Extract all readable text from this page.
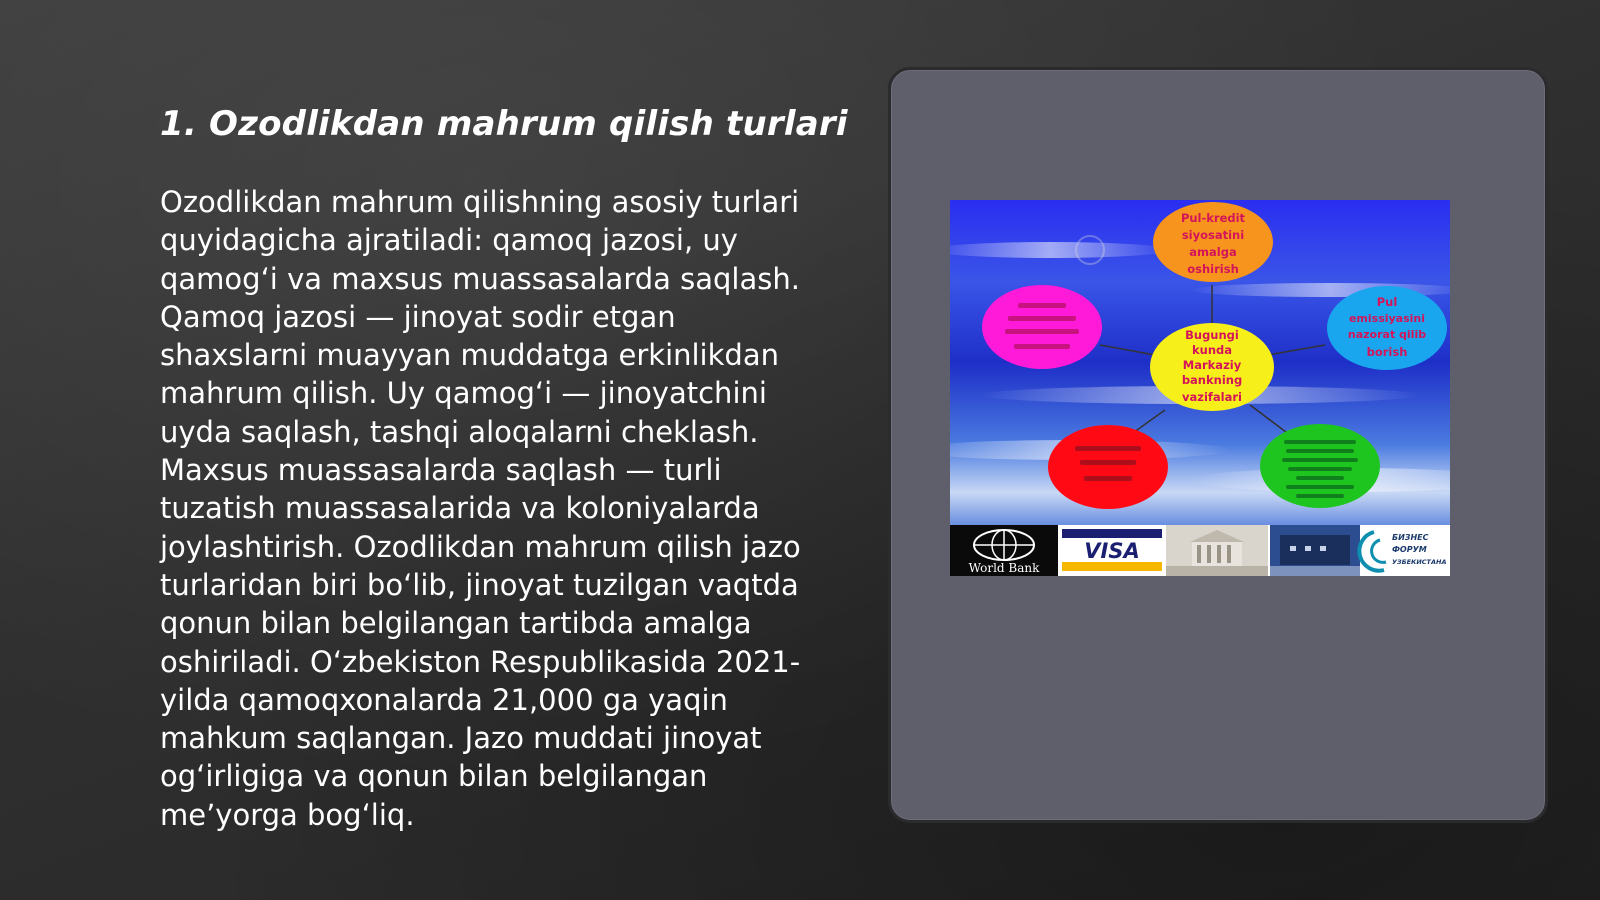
1. Ozodlikdan mahrum qilish turlari

Ozodlikdan mahrum qilishning asosiy turlari quyidagicha ajratiladi: qamoq jazosi, uy qamog‘i va maxsus muassasalarda saqlash. Qamoq jazosi — jinoyat sodir etgan shaxslarni muayyan muddatga erkinlikdan mahrum qilish. Uy qamog‘i — jinoyatchini uyda saqlash, tashqi aloqalarni cheklash. Maxsus muassasalarda saqlash — turli tuzatish muassasalarida va koloniyalarda joylashtirish. Ozodlikdan mahrum qilish jazo turlaridan biri bo‘lib, jinoyat tuzilgan vaqtda qonun bilan belgilangan tartibda amalga oshiriladi. O‘zbekiston Respublikasida 2021-yilda qamoqxonalarda 21,000 ga yaqin mahkum saqlangan. Jazo muddati jinoyat og‘irligiga va qonun bilan belgilangan me’yorga bog‘liq.

Pul-kredit
siyosatini
amalga
oshirish
Bugungi
kunda
Markaziy
bankning
vazifalari
Pul
emissiyasini
nazorat qilib
borish
World Bank
VISA
БИЗНЕС
ФОРУМ
УЗБЕКИСТАНА
